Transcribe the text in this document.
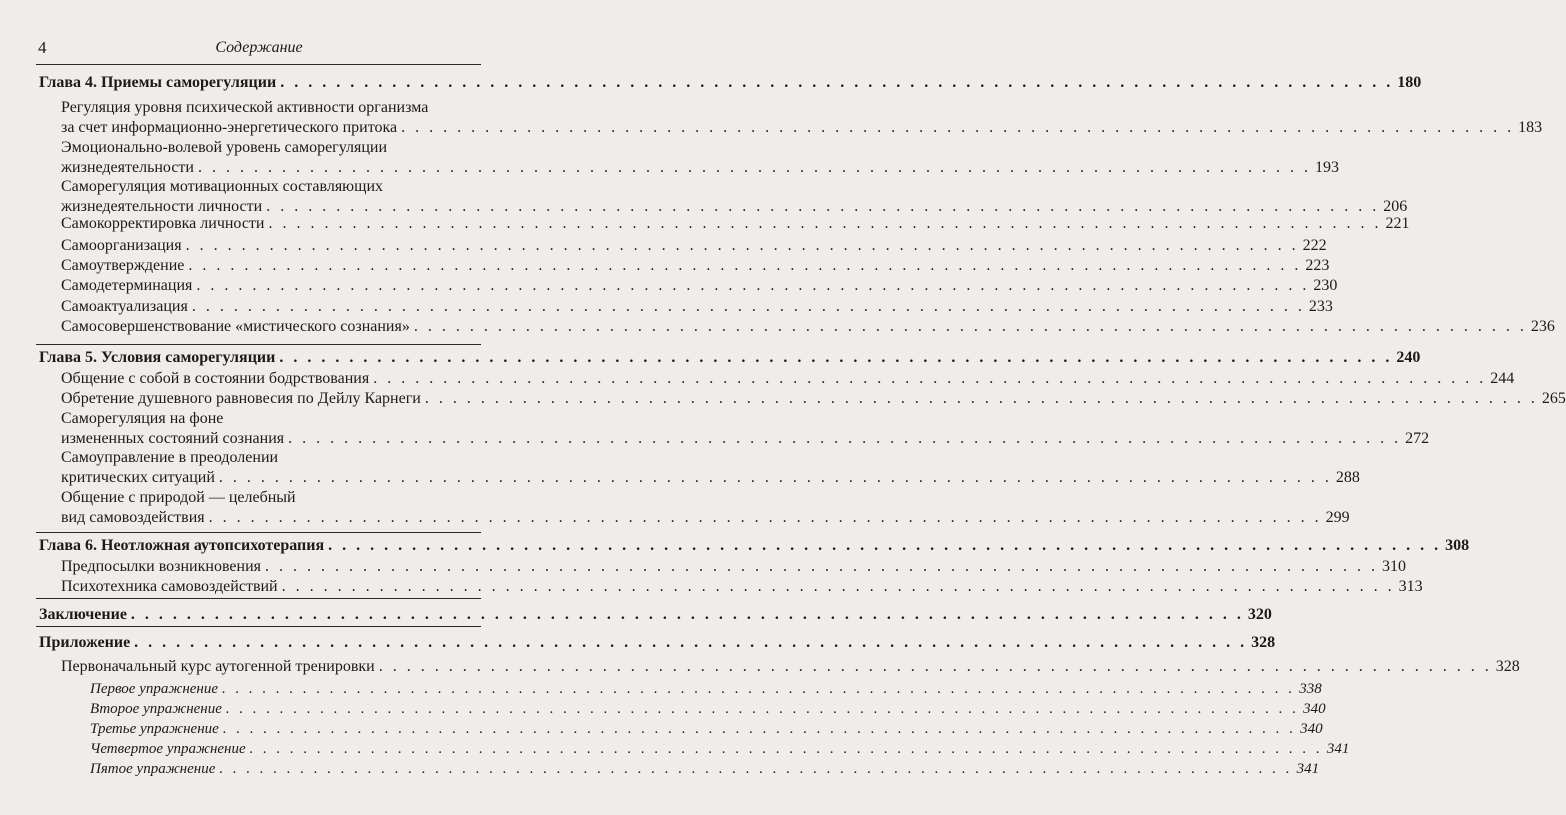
4	Содержание
Глава 4. Приемы саморегуляции . . . . . . . . . . . . . . . . . . . . . . . . . . . . . . . . . . . . . . . . . . . . . . . . . . . . . . . . . . . . . . . . . . . . . . . . . . . . . . . . 180
Регуляция уровня психической активности организма
за счет информационно-энергетического притока . . . . . . . . . . . . . . . . . . . . . . . . . . . . . . . . . . . . . . . . . . . . . . . . . . . . . . . . . . . . . . . . . . . . . . . . . . . . . . . . 183
Эмоционально-волевой уровень саморегуляции
жизнедеятельности . . . . . . . . . . . . . . . . . . . . . . . . . . . . . . . . . . . . . . . . . . . . . . . . . . . . . . . . . . . . . . . . . . . . . . . . . . . . . . . . 193
Саморегуляция мотивационных составляющих
жизнедеятельности личности . . . . . . . . . . . . . . . . . . . . . . . . . . . . . . . . . . . . . . . . . . . . . . . . . . . . . . . . . . . . . . . . . . . . . . . . . . . . . . . . 206
Самокорректировка личности . . . . . . . . . . . . . . . . . . . . . . . . . . . . . . . . . . . . . . . . . . . . . . . . . . . . . . . . . . . . . . . . . . . . . . . . . . . . . . . . 221
Самоорганизация . . . . . . . . . . . . . . . . . . . . . . . . . . . . . . . . . . . . . . . . . . . . . . . . . . . . . . . . . . . . . . . . . . . . . . . . . . . . . . . . 222
Самоутверждение . . . . . . . . . . . . . . . . . . . . . . . . . . . . . . . . . . . . . . . . . . . . . . . . . . . . . . . . . . . . . . . . . . . . . . . . . . . . . . . . 223
Самодетерминация . . . . . . . . . . . . . . . . . . . . . . . . . . . . . . . . . . . . . . . . . . . . . . . . . . . . . . . . . . . . . . . . . . . . . . . . . . . . . . . . 230
Самоактуализация . . . . . . . . . . . . . . . . . . . . . . . . . . . . . . . . . . . . . . . . . . . . . . . . . . . . . . . . . . . . . . . . . . . . . . . . . . . . . . . . 233
Самосовершенствование «мистического сознания» . . . . . . . . . . . . . . . . . . . . . . . . . . . . . . . . . . . . . . . . . . . . . . . . . . . . . . . . . . . . . . . . . . . . . . . . . . . . . . . . 236
Глава 5. Условия саморегуляции . . . . . . . . . . . . . . . . . . . . . . . . . . . . . . . . . . . . . . . . . . . . . . . . . . . . . . . . . . . . . . . . . . . . . . . . . . . . . . . . 240
Общение с собой в состоянии бодрствования . . . . . . . . . . . . . . . . . . . . . . . . . . . . . . . . . . . . . . . . . . . . . . . . . . . . . . . . . . . . . . . . . . . . . . . . . . . . . . . . 244
Обретение душевного равновесия по Дейлу Карнеги . . . . . . . . . . . . . . . . . . . . . . . . . . . . . . . . . . . . . . . . . . . . . . . . . . . . . . . . . . . . . . . . . . . . . . . . . . . . . . . . 265
Саморегуляция на фоне
измененных состояний сознания . . . . . . . . . . . . . . . . . . . . . . . . . . . . . . . . . . . . . . . . . . . . . . . . . . . . . . . . . . . . . . . . . . . . . . . . . . . . . . . . 272
Самоуправление в преодолении
критических ситуаций . . . . . . . . . . . . . . . . . . . . . . . . . . . . . . . . . . . . . . . . . . . . . . . . . . . . . . . . . . . . . . . . . . . . . . . . . . . . . . . . 288
Общение с природой — целебный
вид самовоздействия . . . . . . . . . . . . . . . . . . . . . . . . . . . . . . . . . . . . . . . . . . . . . . . . . . . . . . . . . . . . . . . . . . . . . . . . . . . . . . . . 299
Глава 6. Неотложная аутопсихотерапия . . . . . . . . . . . . . . . . . . . . . . . . . . . . . . . . . . . . . . . . . . . . . . . . . . . . . . . . . . . . . . . . . . . . . . . . . . . . . . . . 308
Предпосылки возникновения . . . . . . . . . . . . . . . . . . . . . . . . . . . . . . . . . . . . . . . . . . . . . . . . . . . . . . . . . . . . . . . . . . . . . . . . . . . . . . . . 310
Психотехника самовоздействий . . . . . . . . . . . . . . . . . . . . . . . . . . . . . . . . . . . . . . . . . . . . . . . . . . . . . . . . . . . . . . . . . . . . . . . . . . . . . . . . 313
Заключение . . . . . . . . . . . . . . . . . . . . . . . . . . . . . . . . . . . . . . . . . . . . . . . . . . . . . . . . . . . . . . . . . . . . . . . . . . . . . . . . 320
Приложение . . . . . . . . . . . . . . . . . . . . . . . . . . . . . . . . . . . . . . . . . . . . . . . . . . . . . . . . . . . . . . . . . . . . . . . . . . . . . . . . 328
Первоначальный курс аутогенной тренировки . . . . . . . . . . . . . . . . . . . . . . . . . . . . . . . . . . . . . . . . . . . . . . . . . . . . . . . . . . . . . . . . . . . . . . . . . . . . . . . . 328
Первое упражнение . . . . . . . . . . . . . . . . . . . . . . . . . . . . . . . . . . . . . . . . . . . . . . . . . . . . . . . . . . . . . . . . . . . . . . . . . . . . . . . . 338
Второе упражнение . . . . . . . . . . . . . . . . . . . . . . . . . . . . . . . . . . . . . . . . . . . . . . . . . . . . . . . . . . . . . . . . . . . . . . . . . . . . . . . . 340
Третье упражнение . . . . . . . . . . . . . . . . . . . . . . . . . . . . . . . . . . . . . . . . . . . . . . . . . . . . . . . . . . . . . . . . . . . . . . . . . . . . . . . . 340
Четвертое упражнение . . . . . . . . . . . . . . . . . . . . . . . . . . . . . . . . . . . . . . . . . . . . . . . . . . . . . . . . . . . . . . . . . . . . . . . . . . . . . . . . 341
Пятое упражнение . . . . . . . . . . . . . . . . . . . . . . . . . . . . . . . . . . . . . . . . . . . . . . . . . . . . . . . . . . . . . . . . . . . . . . . . . . . . . . . . 341
